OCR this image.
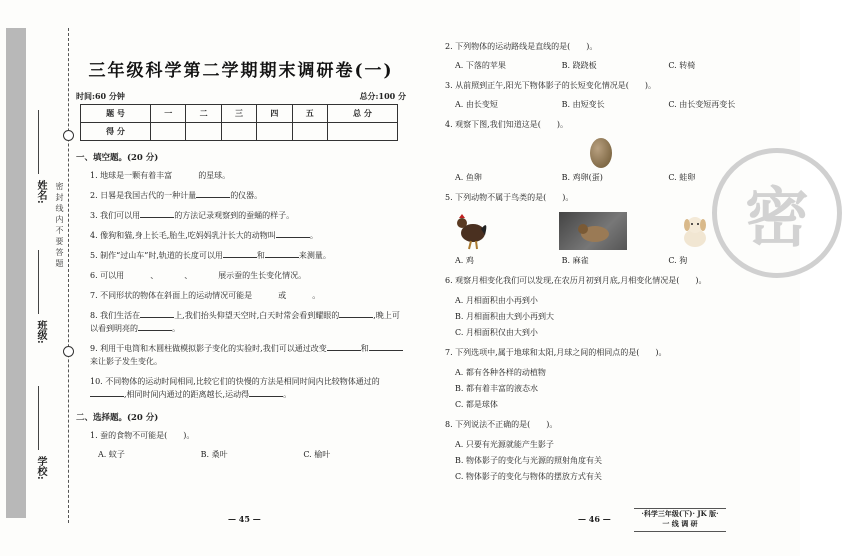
姓名:
班级:
学校:
密封线内不要答题
三年级科学第二学期期末调研卷(一)
时间:60 分钟	总分:100 分
题 号	一	二	三	四	五	总 分
得 分						
一、填空题。(20 分)
1. 地球是一颗有着丰富	的星球。
2. 日晷是我国古代的一种计量	的仪器。
3. 我们可以用	的方法记录观察到的蚕蛹的样子。
4. 像狗和猫,身上长毛,胎生,吃妈妈乳汁长大的动物叫	。
5. 制作“过山车”时,轨道的长度可以用	和	来测量。
6. 可以用	、	、	展示蚕的生长变化情况。
7. 不同形状的物体在斜面上的运动情况可能是	或	。
8. 我们生活在	上,我们抬头仰望天空时,白天时常会看到耀眼的	,晚上可以看到明亮的	。
9. 利用干电筒和木圆柱做模拟影子变化的实验时,我们可以通过改变	和来让影子发生变化。
10. 不同物体的运动时间相同,比较它们的快慢的方法是相同时间内比较物体通过的,相同时间内通过的距离越长,运动得	。
二、选择题。(20 分)
1. 蚕的食物不可能是(　　)。
A. 蚊子	B. 桑叶	C. 榆叶
— 45 —
2. 下列物体的运动路线是直线的是(　　)。
A. 下落的苹果	B. 跷跷板	C. 转椅
3. 从前照到正午,阳光下物体影子的长短变化情况是(　　)。
A. 由长变短	B. 由短变长	C. 由长变短再变长
4. 观察下图,我们知道这是(　　)。
A. 鱼卵	B. 鸡卵(蛋)	C. 蛙卵
5. 下列动物不属于鸟类的是(　　)。
A. 鸡	B. 麻雀	C. 狗
6. 观察月相变化我们可以发现,在农历月初到月底,月相变化情况是(　　)。
A. 月相面积由小再到小
B. 月相面积由大到小再到大
C. 月相面积仅由大到小
7. 下列选项中,属于地球和太阳,月球之间的相同点的是(　　)。
A. 都有各种各样的动植物
B. 都有着丰富的液态水
C. 都是球体
8. 下列说法不正确的是(　　)。
A. 只要有光源就能产生影子
B. 物体影子的变化与光源的照射角度有关
C. 物体影子的变化与物体的摆放方式有关
— 46 —
密
·科学三年级(下)· JK 版·
一 线 调 研
